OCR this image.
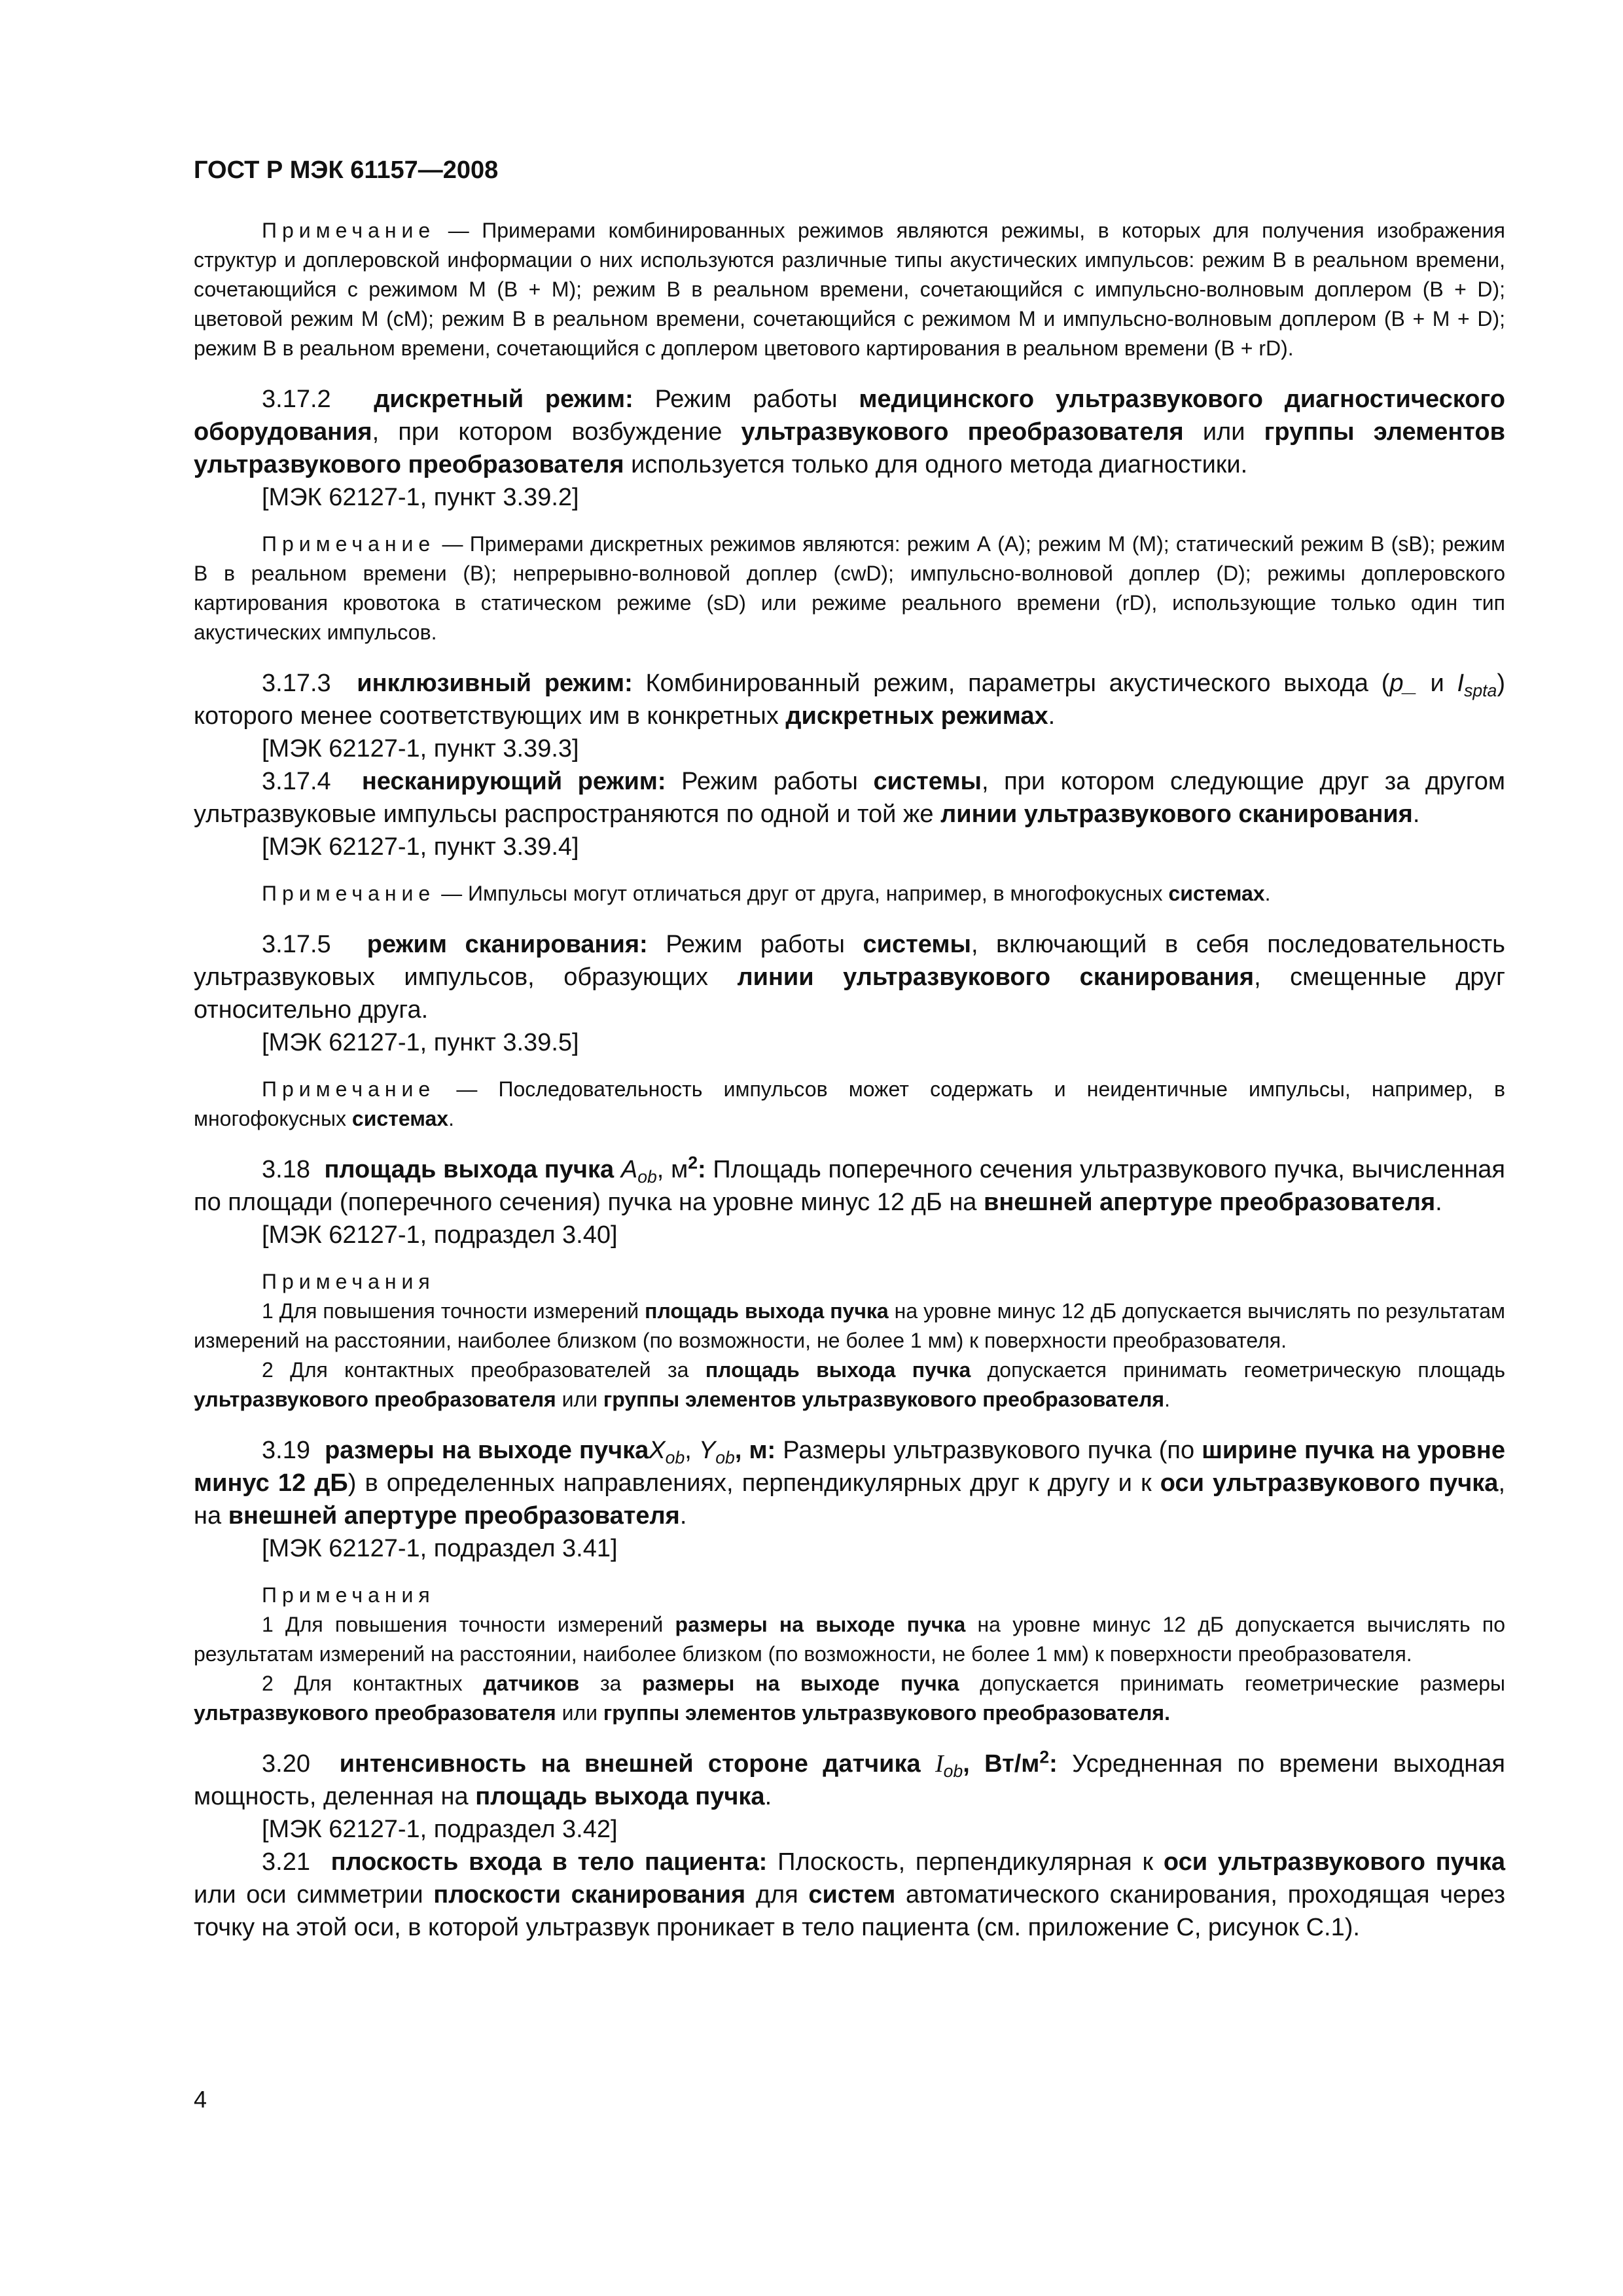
ГОСТ Р МЭК 61157—2008

Примечание — Примерами комбинированных режимов являются режимы, в которых для получения изображения структур и доплеровской информации о них используются различные типы акустических импульсов: режим В в реальном времени, сочетающийся с режимом М (В + М); режим В в реальном времени, сочетающийся с импульсно-волновым доплером (В + D); цветовой режим М (сМ); режим В в реальном времени, сочетающийся с режимом М и импульсно-волновым доплером (В + М + D); режим В в реальном времени, сочетающийся с доплером цветового картирования в реальном времени (В + rD).

3.17.2 дискретный режим: Режим работы медицинского ультразвукового диагностического оборудования, при котором возбуждение ультразвукового преобразователя или группы элементов ультразвукового преобразователя используется только для одного метода диагностики.

[МЭК 62127-1, пункт 3.39.2]

Примечание — Примерами дискретных режимов являются: режим А (А); режим М (М); статический режим В (sB); режим В в реальном времени (В); непрерывно-волновой доплер (cwD); импульсно-волновой доплер (D); режимы доплеровского картирования кровотока в статическом режиме (sD) или режиме реального времени (rD), использующие только один тип акустических импульсов.

3.17.3 инклюзивный режим: Комбинированный режим, параметры акустического выхода (p_ и $I_{spta}$) которого менее соответствующих им в конкретных дискретных режимах.

[МЭК 62127-1, пункт 3.39.3]

3.17.4 несканирующий режим: Режим работы системы, при котором следующие друг за другом ультразвуковые импульсы распространяются по одной и той же линии ультразвукового сканирования.

[МЭК 62127-1, пункт 3.39.4]

Примечание — Импульсы могут отличаться друг от друга, например, в многофокусных системах.

3.17.5 режим сканирования: Режим работы системы, включающий в себя последовательность ультразвуковых импульсов, образующих линии ультразвукового сканирования, смещенные друг относительно друга.

[МЭК 62127-1, пункт 3.39.5]

Примечание — Последовательность импульсов может содержать и неидентичные импульсы, например, в многофокусных системах.

3.18 площадь выхода пучка $A_{ob}$, $м^2$: Площадь поперечного сечения ультразвукового пучка, вычисленная по площади (поперечного сечения) пучка на уровне минус 12 дБ на внешней апертуре преобразователя.

[МЭК 62127-1, подраздел 3.40]

Примечания

1 Для повышения точности измерений площадь выхода пучка на уровне минус 12 дБ допускается вычислять по результатам измерений на расстоянии, наиболее близком (по возможности, не более 1 мм) к поверхности преобразователя.

2 Для контактных преобразователей за площадь выхода пучка допускается принимать геометрическую площадь ультразвукового преобразователя или группы элементов ультразвукового преобразователя.

3.19 размеры на выходе пучкаX$_{ob}$, $Y_{ob}$, м: Размеры ультразвукового пучка (по ширине пучка на уровне минус 12 дБ) в определенных направлениях, перпендикулярных друг к другу и к оси ультразвукового пучка, на внешней апертуре преобразователя.

[МЭК 62127-1, подраздел 3.41]

Примечания

1 Для повышения точности измерений размеры на выходе пучка на уровне минус 12 дБ допускается вычислять по результатам измерений на расстоянии, наиболее близком (по возможности, не более 1 мм) к поверхности преобразователя.

2 Для контактных датчиков за размеры на выходе пучка допускается принимать геометрические размеры ультразвукового преобразователя или группы элементов ультразвукового преобразователя.

3.20 интенсивность на внешней стороне датчика $I_{ob}$, $Вт/м^2$: Усредненная по времени выходная мощность, деленная на площадь выхода пучка.

[МЭК 62127-1, подраздел 3.42]

3.21 плоскость входа в тело пациента: Плоскость, перпендикулярная к оси ультразвукового пучка или оси симметрии плоскости сканирования для систем автоматического сканирования, проходящая через точку на этой оси, в которой ультразвук проникает в тело пациента (см. приложение С, рисунок С.1).

4
